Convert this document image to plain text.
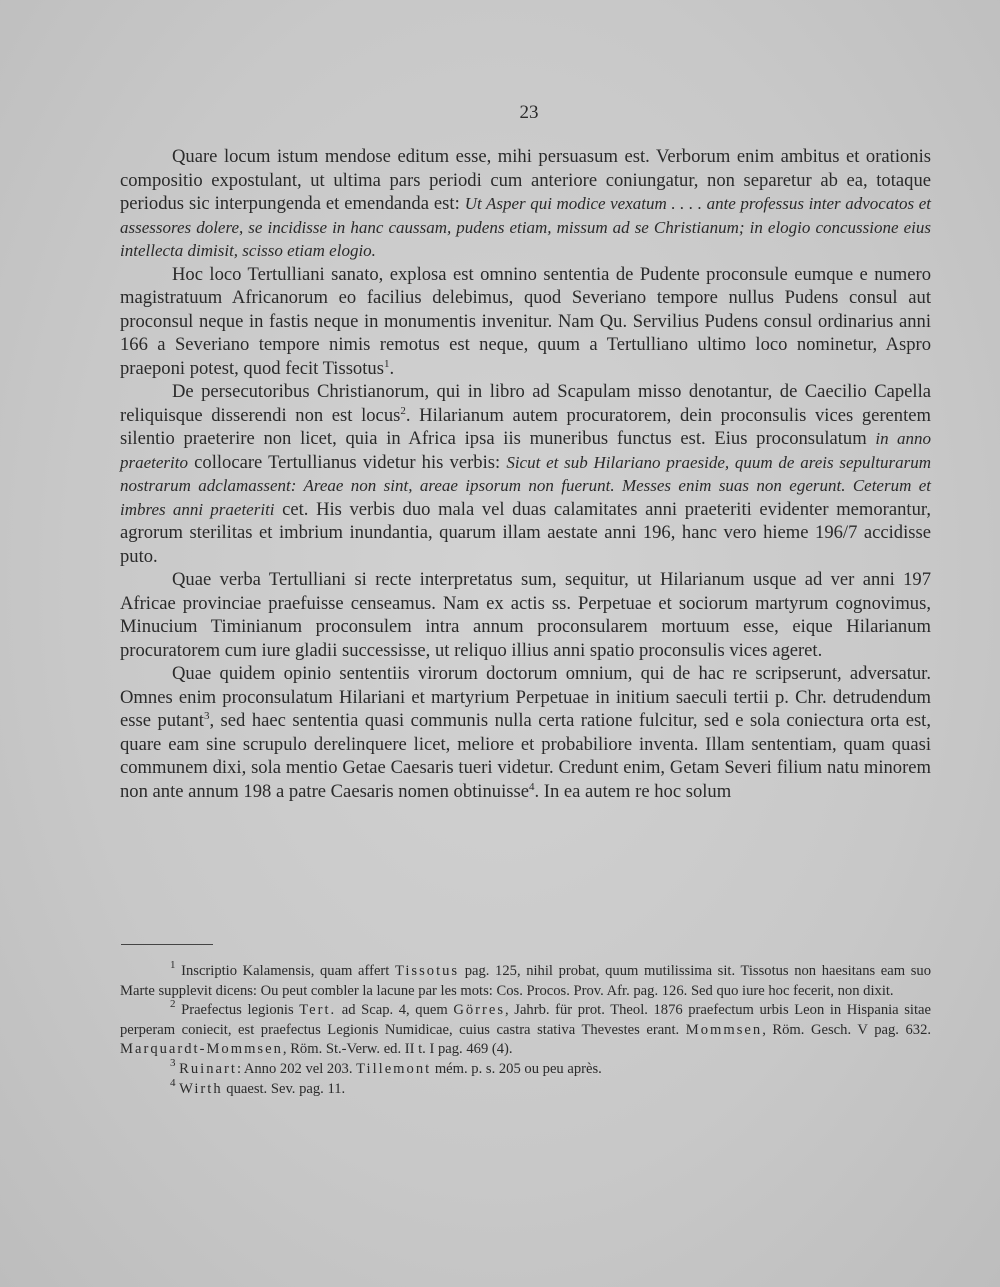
23

Quare locum istum mendose editum esse, mihi persuasum est. Verborum enim ambitus et orationis compositio expostulant, ut ultima pars periodi cum anteriore coniungatur, non separetur ab ea, totaque periodus sic interpungenda et emendanda est: Ut Asper qui modice vexatum . . . . ante professus inter advocatos et assessores dolere, se incidisse in hanc caussam, pudens etiam, missum ad se Christianum; in elogio concussione eius intellecta dimisit, scisso etiam elogio.

Hoc loco Tertulliani sanato, explosa est omnino sententia de Pudente proconsule eumque e numero magistratuum Africanorum eo facilius delebimus, quod Severiano tempore nullus Pudens consul aut proconsul neque in fastis neque in monumentis invenitur. Nam Qu. Servilius Pudens consul ordinarius anni 166 a Severiano tempore nimis remotus est neque, quum a Tertulliano ultimo loco nominetur, Aspro praeponi potest, quod fecit Tissotus$^1$.

De persecutoribus Christianorum, qui in libro ad Scapulam misso denotantur, de Caecilio Capella reliquisque disserendi non est locus$^2$. Hilarianum autem procuratorem, dein proconsulis vices gerentem silentio praeterire non licet, quia in Africa ipsa iis muneribus functus est. Eius proconsulatum in anno praeterito collocare Tertullianus videtur his verbis: Sicut et sub Hilariano praeside, quum de areis sepulturarum nostrarum adclamassent: Areae non sint, areae ipsorum non fuerunt. Messes enim suas non egerunt. Ceterum et imbres anni praeteriti cet. His verbis duo mala vel duas calamitates anni praeteriti evidenter memorantur, agrorum sterilitas et imbrium inundantia, quarum illam aestate anni 196, hanc vero hieme 196/7 accidisse puto.

Quae verba Tertulliani si recte interpretatus sum, sequitur, ut Hilarianum usque ad ver anni 197 Africae provinciae praefuisse censeamus. Nam ex actis ss. Perpetuae et sociorum martyrum cognovimus, Minucium Timinianum proconsulem intra annum proconsularem mortuum esse, eique Hilarianum procuratorem cum iure gladii successisse, ut reliquo illius anni spatio proconsulis vices ageret.

Quae quidem opinio sententiis virorum doctorum omnium, qui de hac re scripserunt, adversatur. Omnes enim proconsulatum Hilariani et martyrium Perpetuae in initium saeculi tertii p. Chr. detrudendum esse putant$^3$, sed haec sententia quasi communis nulla certa ratione fulcitur, sed e sola coniectura orta est, quare eam sine scrupulo derelinquere licet, meliore et probabiliore inventa. Illam sententiam, quam quasi communem dixi, sola mentio Getae Caesaris tueri videtur. Credunt enim, Getam Severi filium natu minorem non ante annum 198 a patre Caesaris nomen obtinuisse$^4$. In ea autem re hoc solum

$^1$ Inscriptio Kalamensis, quam affert Tissotus pag. 125, nihil probat, quum mutilissima sit. Tissotus non haesitans eam suo Marte supplevit dicens: Ou peut combler la lacune par les mots: Cos. Procos. Prov. Afr. pag. 126. Sed quo iure hoc fecerit, non dixit.

$^2$ Praefectus legionis Tert. ad Scap. 4, quem Görres, Jahrb. für prot. Theol. 1876 praefectum urbis Leon in Hispania sitae perperam coniecit, est praefectus Legionis Numidicae, cuius castra stativa Thevestes erant. Mommsen, Röm. Gesch. V pag. 632. Marquardt-Mommsen, Röm. St.-Verw. ed. II t. I pag. 469 (4).

$^3$ Ruinart: Anno 202 vel 203. Tillemont mém. p. s. 205 ou peu après.

$^4$ Wirth quaest. Sev. pag. 11.
